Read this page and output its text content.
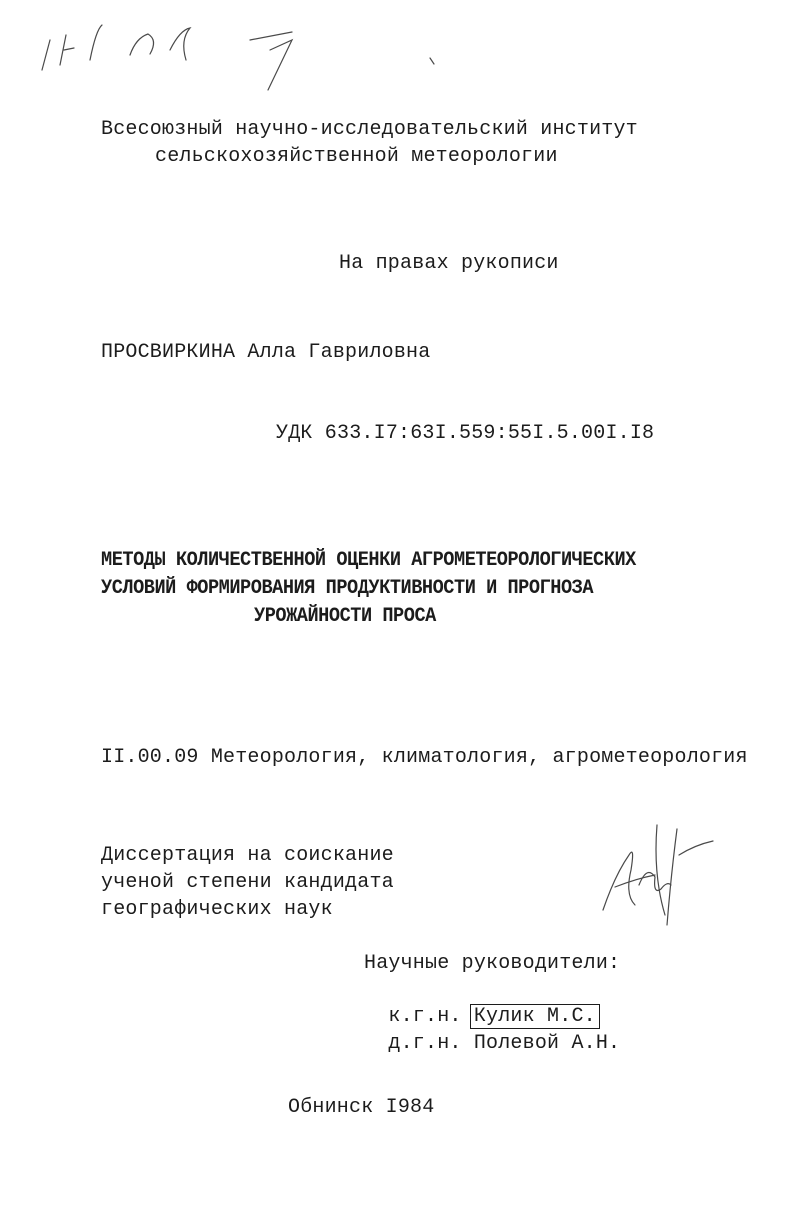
Всесоюзный научно-исследовательский институт
сельскохозяйственной метеорологии
На правах рукописи
ПРОСВИРКИНА Алла Гавриловна
УДК 633.I7:63I.559:55I.5.00I.I8
МЕТОДЫ КОЛИЧЕСТВЕННОЙ ОЦЕНКИ АГРОМЕТЕОРОЛОГИЧЕСКИХ
УСЛОВИЙ ФОРМИРОВАНИЯ ПРОДУКТИВНОСТИ И ПРОГНОЗА
УРОЖАЙНОСТИ ПРОСА
II.00.09 Метеорология, климатология, агрометеорология
Диссертация на соискание
ученой степени кандидата
географических наук
Научные руководители:

к.г.н. Кулик М.С.

д.г.н. Полевой А.Н.

Обнинск I984
